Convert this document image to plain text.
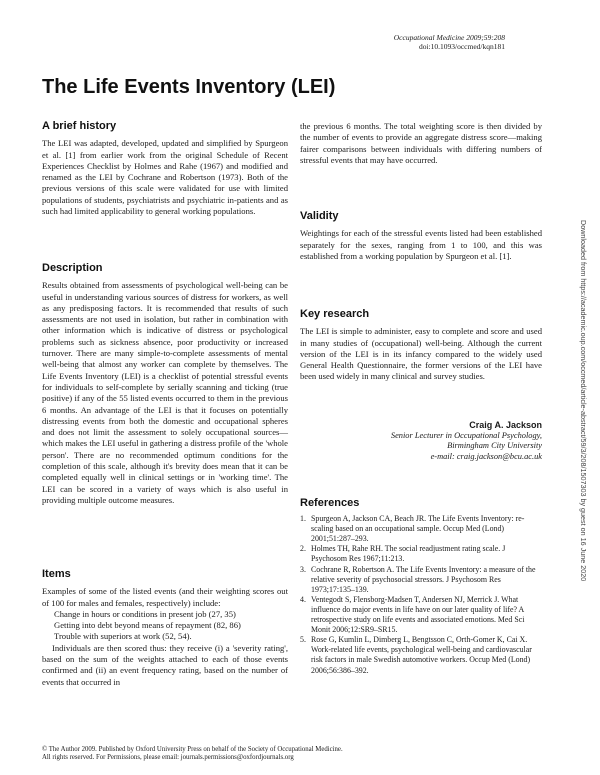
Occupational Medicine 2009;59:208
doi:10.1093/occmed/kqn181
The Life Events Inventory (LEI)
A brief history

The LEI was adapted, developed, updated and simplified by Spurgeon et al. [1] from earlier work from the original Schedule of Recent Experiences Checklist by Holmes and Rahe (1967) and modified and renamed as the LEI by Cochrane and Robertson (1973). Both of the previous versions of this scale were validated for use with limited populations of students, psychiatrists and psychiatric in-patients and as such had limited applicability to general working populations.

Description

Results obtained from assessments of psychological well-being can be useful in understanding various sources of distress for workers, as well as any predisposing factors. It is recommended that results of such assessments are not used in isolation, but rather in combination with other information which is indicative of distress or psychological problems such as sickness absence, poor productivity or increased turnover. There are many simple-to-complete assessments of mental well-being that almost any worker can complete by themselves. The Life Events Inventory (LEI) is a checklist of potential stressful events for individuals to self-complete by serially scanning and ticking (true positive) if any of the 55 listed events occurred to them in the previous 6 months. An advantage of the LEI is that it focuses on potentially distressing events from both the domestic and occupational spheres and does not limit the assessment to solely occupational sources—which makes the LEI useful in gathering a distress profile of the 'whole person'. There are no recommended optimum conditions for the completion of this scale, although it's brevity does mean that it can be completed equally well in clinical settings or in 'working time'. The LEI can be scored in a variety of ways which is also useful in providing multiple outcome measures.

Items

Examples of some of the listed events (and their weighting scores out of 100 for males and females, respectively) include:

Change in hours or conditions in present job (27, 35)

Getting into debt beyond means of repayment (82, 86)

Trouble with superiors at work (52, 54).

Individuals are then scored thus: they receive (i) a 'severity rating', based on the sum of the weights attached to each of those events confirmed and (ii) an event frequency rating, based on the number of events that occurred in

the previous 6 months. The total weighting score is then divided by the number of events to provide an aggregate distress score—making fairer comparisons between individuals with differing numbers of stressful events that may have occurred.

Validity

Weightings for each of the stressful events listed had been established separately for the sexes, ranging from 1 to 100, and this was established from a working population by Spurgeon et al. [1].

Key research

The LEI is simple to administer, easy to complete and score and used in many studies of (occupational) well-being. Although the current version of the LEI is in its infancy compared to the widely used General Health Questionnaire, the former versions of the LEI have been used widely in many clinical and survey studies.

Craig A. Jackson
Senior Lecturer in Occupational Psychology,
Birmingham City University
e-mail: craig.jackson@bcu.ac.uk
References
1. Spurgeon A, Jackson CA, Beach JR. The Life Events Inventory: re-scaling based on an occupational sample. Occup Med (Lond) 2001;51:287–293.
2. Holmes TH, Rahe RH. The social readjustment rating scale. J Psychosom Res 1967;11:213.
3. Cochrane R, Robertson A. The Life Events Inventory: a measure of the relative severity of psychosocial stressors. J Psychosom Res 1973;17:135–139.
4. Ventegodt S, Flensborg-Madsen T, Andersen NJ, Merrick J. What influence do major events in life have on our later quality of life? A retrospective study on life events and associated emotions. Med Sci Monit 2006;12:SR9–SR15.
5. Rose G, Kumlin L, Dimberg L, Bengtsson C, Orth-Gomer K, Cai X. Work-related life events, psychological well-being and cardiovascular risk factors in male Swedish automotive workers. Occup Med (Lond) 2006;56:386–392.
© The Author 2009. Published by Oxford University Press on behalf of the Society of Occupational Medicine.
All rights reserved. For Permissions, please email: journals.permissions@oxfordjournals.org
Downloaded from https://academic.oup.com/occmed/article-abstract/59/3/208/1507303 by guest on 16 June 2020
